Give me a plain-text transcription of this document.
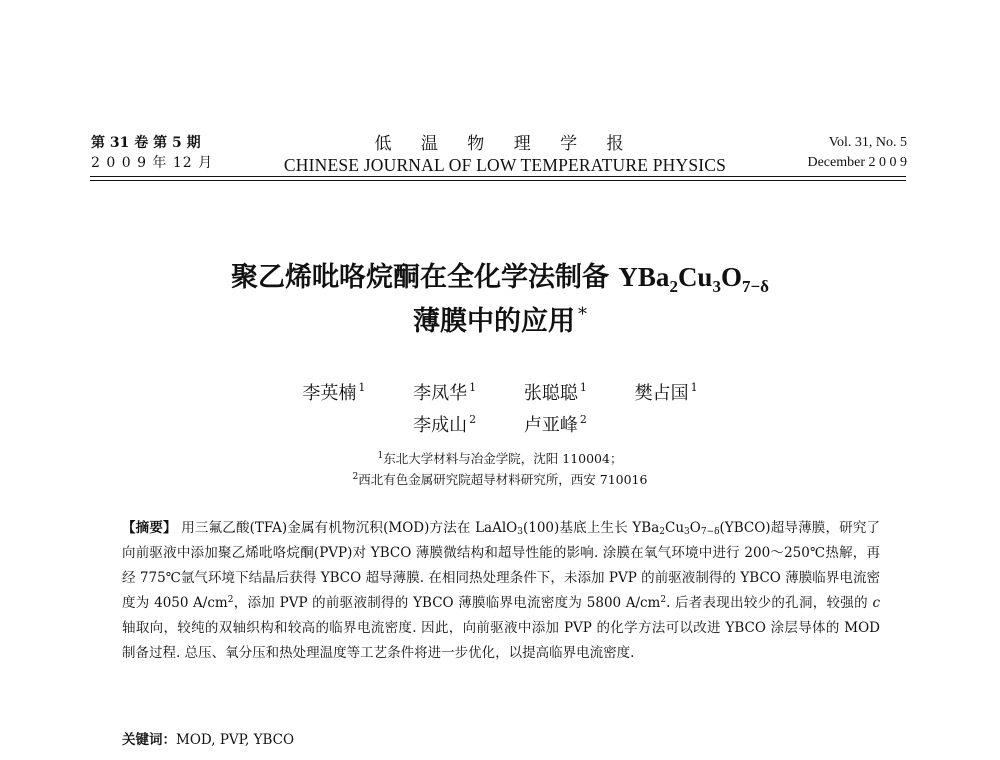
第 31 卷 第 5 期
2 0 0 9 年 12 月
低 温 物 理 学 报
CHINESE JOURNAL OF LOW TEMPERATURE PHYSICS
Vol. 31, No. 5
December 2 0 0 9
聚乙烯吡咯烷酮在全化学法制备 $YBa_2Cu_3O_{7-\delta}$
薄膜中的应用 *
李英楠 $^1$	李凤华 $^1$	张聪聪 $^1$	樊占国 $^1$
李成山 $^2$	卢亚峰 $^2$
$^1$东北大学材料与冶金学院，沈阳 110004；
$^2$西北有色金属研究院超导材料研究所，西安 710016
【摘要】 用三氟乙酸(TFA)金属有机物沉积(MOD)方法在 LaAlO$_3$(100)基底上生长 $YBa_2Cu_3O_{7-\delta}(YBCO)$超导薄膜，研究了向前驱液中添加聚乙烯吡咯烷酮(PVP)对 YBCO 薄膜微结构和超导性能的影响. 涂膜在氧气环境中进行 200～250℃热解，再经 775℃氩气环境下结晶后获得 YBCO 超导薄膜. 在相同热处理条件下，未添加 PVP 的前驱液制得的 YBCO 薄膜临界电流密度为 4050 $A/cm^2$，添加 PVP 的前驱液制得的 YBCO 薄膜临界电流密度为 5800 $A/cm^2$. 后者表现出较少的孔洞，较强的 c 轴取向，较纯的双轴织构和较高的临界电流密度. 因此，向前驱液中添加 PVP 的化学方法可以改进 YBCO 涂层导体的 MOD 制备过程. 总压、氧分压和热处理温度等工艺条件将进一步优化，以提高临界电流密度.
关键词：MOD, PVP, YBCO
